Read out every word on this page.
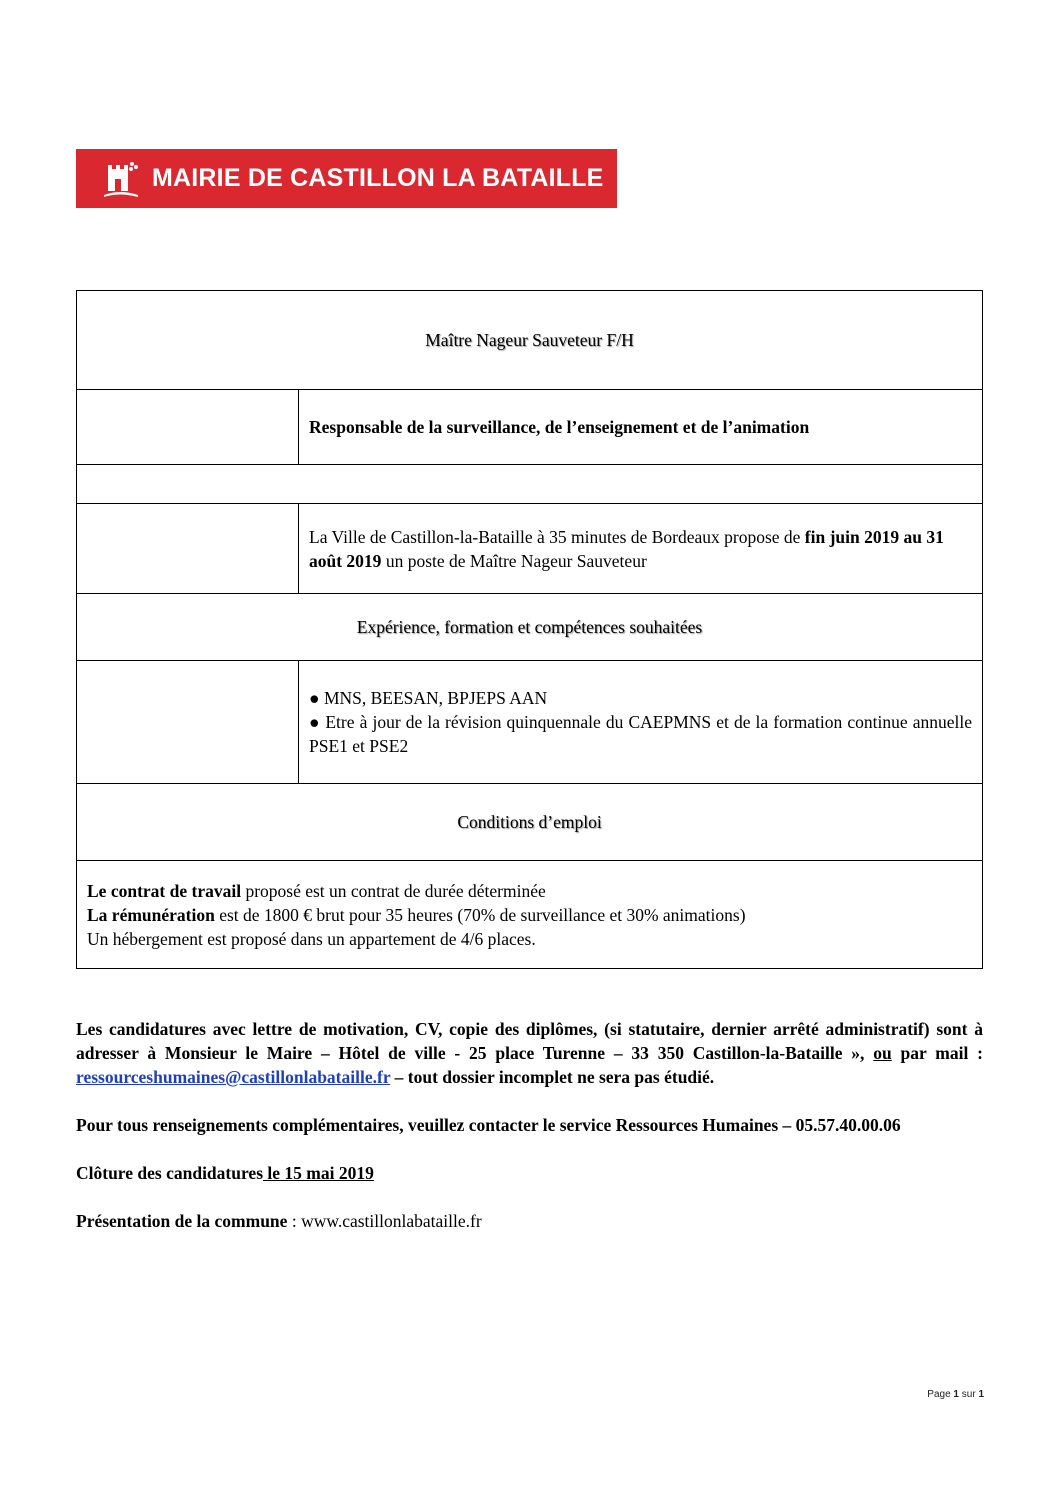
MAIRIE DE CASTILLON LA BATAILLE
Maître Nageur Sauveteur F/H	
	Responsable de la surveillance, de l’enseignement et de l’animation

	La Ville de Castillon-la-Bataille à 35 minutes de Bordeaux propose de fin juin 2019 au 31 août 2019 un poste de Maître Nageur Sauveteur
Expérience, formation et compétences souhaitées	

	● MNS, BEESAN, BPJEPS AAN
● Etre à jour de la révision quinquennale du CAEPMNS et de la formation continue annuelle PSE1 et PSE2

Conditions d’emploi	

Le contrat de travail proposé est un contrat de durée déterminée
La rémunération est de 1800 € brut pour 35 heures (70% de surveillance et 30% animations)
Un hébergement est proposé dans un appartement de 4/6 places.	

Les candidatures avec lettre de motivation, CV, copie des diplômes, (si statutaire, dernier arrêté administratif) sont à adresser à Monsieur le Maire – Hôtel de ville - 25 place Turenne – 33 350 Castillon-la-Bataille », ou par mail : ressourceshumaines@castillonlabataille.fr – tout dossier incomplet ne sera pas étudié.

Pour tous renseignements complémentaires, veuillez contacter le service Ressources Humaines – 05.57.40.00.06

Clôture des candidatures le 15 mai 2019

Présentation de la commune : www.castillonlabataille.fr

Page 1 sur 1
